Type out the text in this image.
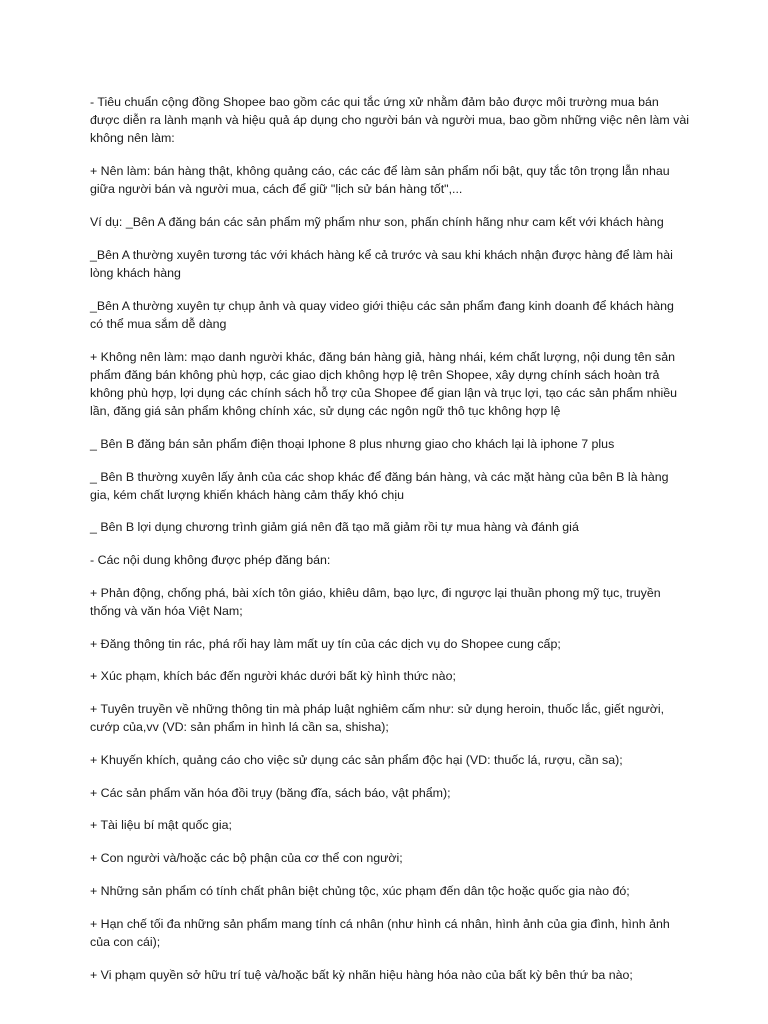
- Tiêu chuẩn cộng đồng Shopee bao gồm các qui tắc ứng xử nhằm đảm bảo được môi trường mua bán được diễn ra lành mạnh và hiệu quả áp dụng cho người bán và người mua, bao gồm những việc nên làm vài không nên làm:

+ Nên làm: bán hàng thật, không quảng cáo, các các để làm sản phẩm nổi bật, quy tắc tôn trọng lẫn nhau giữa người bán và người mua, cách để giữ "lịch sử bán hàng tốt",...

Ví dụ: _Bên A đăng bán các sản phẩm mỹ phẩm như son, phấn chính hãng như cam kết với khách hàng

_Bên A thường xuyên tương tác với khách hàng kể cả trước và sau khi khách nhận được hàng để làm hài lòng khách hàng

_Bên A thường xuyên tự chụp ảnh và quay video giới thiệu các sản phẩm đang kinh doanh để khách hàng có thể mua sắm dễ dàng

+ Không nên làm: mạo danh người khác, đăng bán hàng giả, hàng nhái, kém chất lượng, nội dung tên sản phẩm đăng bán không phù hợp, các giao dịch không hợp lệ trên Shopee, xây dựng chính sách hoàn trả không phù hợp, lợi dụng các chính sách hỗ trợ của Shopee để gian lận và trục lợi, tạo các sản phẩm nhiều lần, đăng giá sản phẩm không chính xác, sử dụng các ngôn ngữ thô tục không hợp lệ

_ Bên B đăng bán sản phẩm điện thoại Iphone 8 plus nhưng giao cho khách lại là iphone 7 plus

_ Bên B thường xuyên lấy ảnh của các shop khác để đăng bán hàng, và các mặt hàng của bên B là hàng gia, kém chất lượng khiến khách hàng cảm thấy khó chịu

_ Bên B lợi dụng chương trình giảm giá nên đã tạo mã giảm rồi tự mua hàng và đánh giá

- Các nội dung không được phép đăng bán:

+ Phản động, chống phá, bài xích tôn giáo, khiêu dâm, bạo lực, đi ngược lại thuần phong mỹ tục, truyền thống và văn hóa Việt Nam;

+ Đăng thông tin rác, phá rối hay làm mất uy tín của các dịch vụ do Shopee cung cấp;

+ Xúc phạm, khích bác đến người khác dưới bất kỳ hình thức nào;

+ Tuyên truyền về những thông tin mà pháp luật nghiêm cấm như: sử dụng heroin, thuốc lắc, giết người, cướp của,vv (VD: sản phẩm in hình lá cần sa, shisha);

+ Khuyến khích, quảng cáo cho việc sử dụng các sản phẩm độc hại (VD: thuốc lá, rượu, cần sa);

+ Các sản phẩm văn hóa đồi trụy (băng đĩa, sách báo, vật phẩm);

+ Tài liệu bí mật quốc gia;

+ Con người và/hoặc các bộ phận của cơ thể con người;

+ Những sản phẩm có tính chất phân biệt chủng tộc, xúc phạm đến dân tộc hoặc quốc gia nào đó;

+ Hạn chế tối đa những sản phẩm mang tính cá nhân (như hình cá nhân, hình ảnh của gia đình, hình ảnh của con cái);

+ Vi phạm quyền sở hữu trí tuệ và/hoặc bất kỳ nhãn hiệu hàng hóa nào của bất kỳ bên thứ ba nào;
